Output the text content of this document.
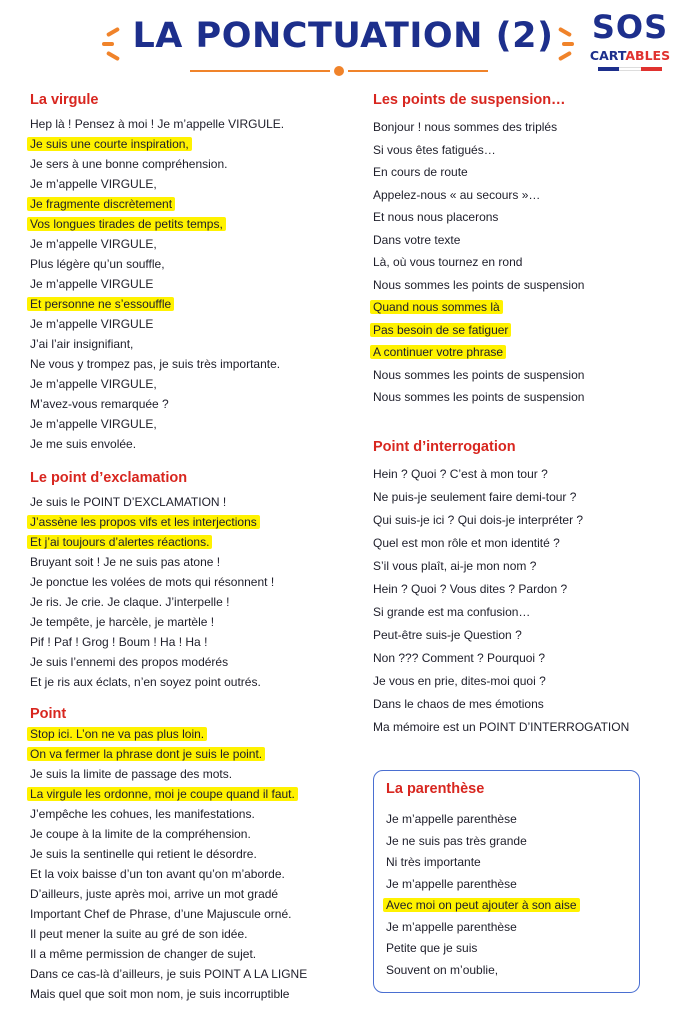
LA PONCTUATION (2)	SOS
CARTABLES
La virgule
Hep là ! Pensez à moi ! Je m’appelle VIRGULE.
Je suis une courte inspiration,
Je sers à une bonne compréhension.
Je m’appelle VIRGULE,
Je fragmente discrètement
Vos longues tirades de petits temps,
Je m’appelle VIRGULE,
Plus légère qu’un souffle,
Je m’appelle VIRGULE
Et personne ne s’essouffle
Je m’appelle VIRGULE
J’ai l’air insignifiant,
Ne vous y trompez pas, je suis très importante.
Je m’appelle VIRGULE,
M’avez-vous remarquée ?
Je m’appelle VIRGULE,
Je me suis envolée.
Le point d’exclamation
Je suis le POINT D’EXCLAMATION !
J’assène les propos vifs et les interjections
Et j’ai toujours d’alertes réactions.
Bruyant soit ! Je ne suis pas atone !
Je ponctue les volées de mots qui résonnent !
Je ris. Je crie. Je claque. J’interpelle !
Je tempête, je harcèle, je martèle !
Pif ! Paf ! Grog ! Boum ! Ha ! Ha !
Je suis l’ennemi des propos modérés
Et je ris aux éclats, n’en soyez point outrés.
Point
Stop ici. L’on ne va pas plus loin.
On va fermer la phrase dont je suis le point.
Je suis la limite de passage des mots.
La virgule les ordonne, moi je coupe quand il faut.
J’empêche les cohues, les manifestations.
Je coupe à la limite de la compréhension.
Je suis la sentinelle qui retient le désordre.
Et la voix baisse d’un ton avant qu’on m’aborde.
D’ailleurs, juste après moi, arrive un mot gradé
Important Chef de Phrase, d’une Majuscule orné.
Il peut mener la suite au gré de son idée.
Il a même permission de changer de sujet.
Dans ce cas-là d’ailleurs, je suis POINT A LA LIGNE
Mais quel que soit mon nom, je suis incorruptible
Les points de suspension…
Bonjour ! nous sommes des triplés
Si vous êtes fatigués…
En cours de route
Appelez-nous « au secours »…
Et nous nous placerons
Dans votre texte
Là, où vous tournez en rond
Nous sommes les points de suspension
Quand nous sommes là
Pas besoin de se fatiguer
A continuer votre phrase
Nous sommes les points de suspension
Nous sommes les points de suspension
Point d’interrogation
Hein ? Quoi ? C’est à mon tour ?
Ne puis-je seulement faire demi-tour ?
Qui suis-je ici ? Qui dois-je interpréter ?
Quel est mon rôle et mon identité ?
S’il vous plaît, ai-je mon nom ?
Hein ? Quoi ? Vous dites ? Pardon ?
Si grande est ma confusion…
Peut-être suis-je Question ?
Non ??? Comment ? Pourquoi ?
Je vous en prie, dites-moi quoi ?
Dans le chaos de mes émotions
Ma mémoire est un POINT D’INTERROGATION
La parenthèse
Je m’appelle parenthèse
Je ne suis pas très grande
Ni très importante
Je m’appelle parenthèse
Avec moi on peut ajouter à son aise
Je m’appelle parenthèse
Petite que je suis
Souvent on m’oublie,
